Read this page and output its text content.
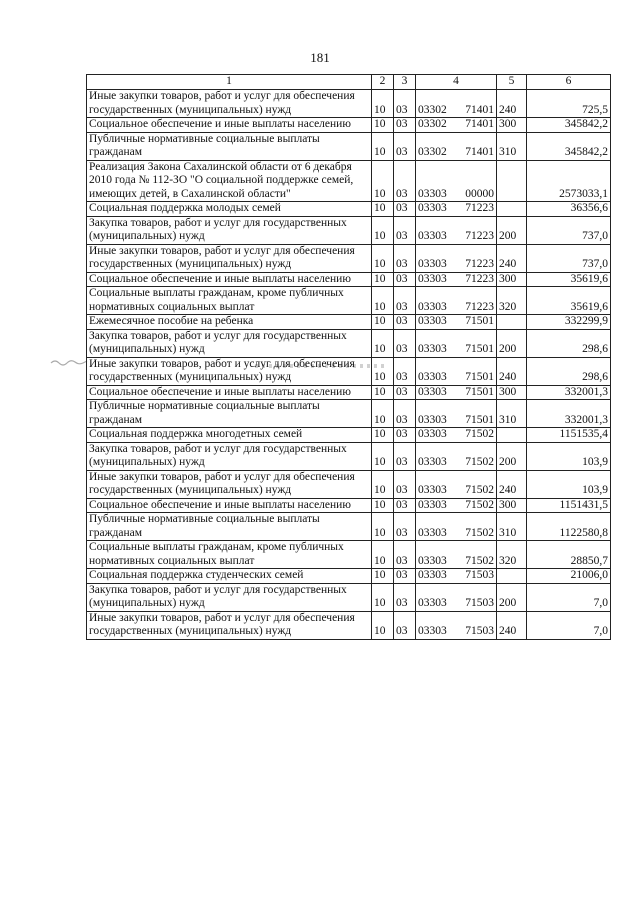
181
1	2	3	4		5	6
Иные закупки товаров, работ и услуг для обеспечения государственных (муниципальных) нужд	10	03	03302	71401	240	725,5
Социальное обеспечение и иные выплаты населению	10	03	03302	71401	300	345842,2
Публичные нормативные социальные выплаты гражданам	10	03	03302	71401	310	345842,2
Реализация Закона Сахалинской области от 6 декабря 2010 года № 112-ЗО "О социальной поддержке семей, имеющих детей, в Сахалинской области"	10	03	03303	00000		2573033,1
Социальная поддержка молодых семей	10	03	03303	71223		36356,6
Закупка товаров, работ и услуг для государственных (муниципальных) нужд	10	03	03303	71223	200	737,0
Иные закупки товаров, работ и услуг для обеспечения государственных (муниципальных) нужд	10	03	03303	71223	240	737,0
Социальное обеспечение и иные выплаты населению	10	03	03303	71223	300	35619,6
Социальные выплаты гражданам, кроме публичных нормативных социальных выплат	10	03	03303	71223	320	35619,6
Ежемесячное пособие на ребенка	10	03	03303	71501		332299,9
Закупка товаров, работ и услуг для государственных (муниципальных) нужд	10	03	03303	71501	200	298,6
Иные закупки товаров, работ и услуг для обеспечения государственных (муниципальных) нужд	10	03	03303	71501	240	298,6
Социальное обеспечение и иные выплаты населению	10	03	03303	71501	300	332001,3
Публичные нормативные социальные выплаты гражданам	10	03	03303	71501	310	332001,3
Социальная поддержка многодетных семей	10	03	03303	71502		1151535,4
Закупка товаров, работ и услуг для государственных (муниципальных) нужд	10	03	03303	71502	200	103,9
Иные закупки товаров, работ и услуг для обеспечения государственных (муниципальных) нужд	10	03	03303	71502	240	103,9
Социальное обеспечение и иные выплаты населению	10	03	03303	71502	300	1151431,5
Публичные нормативные социальные выплаты гражданам	10	03	03303	71502	310	1122580,8
Социальные выплаты гражданам, кроме публичных нормативных социальных выплат	10	03	03303	71502	320	28850,7
Социальная поддержка студенческих семей	10	03	03303	71503		21006,0
Закупка товаров, работ и услуг для государственных (муниципальных) нужд	10	03	03303	71503	200	7,0
Иные закупки товаров, работ и услуг для обеспечения государственных (муниципальных) нужд	10	03	03303	71503	240	7,0
